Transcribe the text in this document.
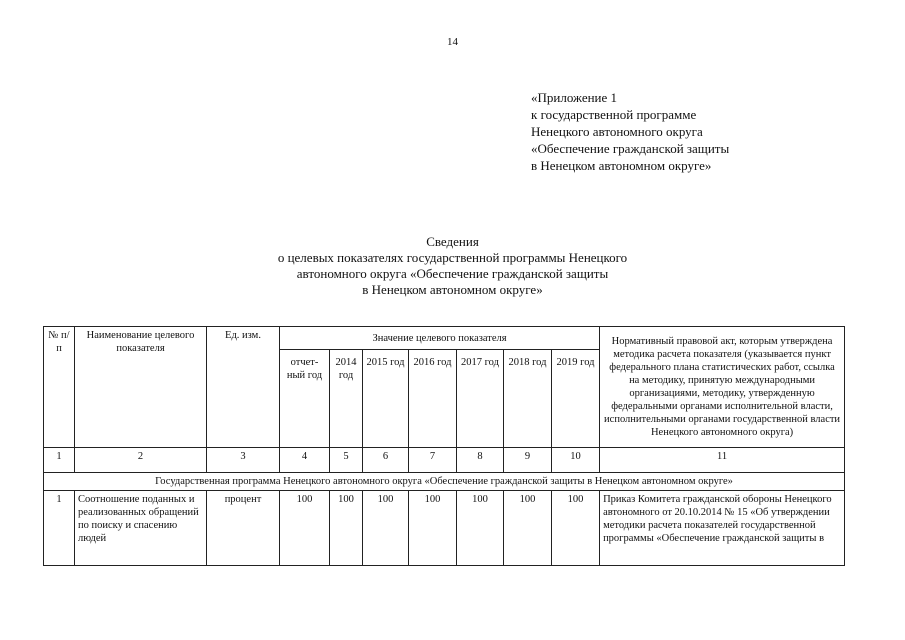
14
«Приложение 1
к государственной программе
Ненецкого автономного округа
«Обеспечение гражданской защиты
в Ненецком автономном округе»
Сведения
о целевых показателях государственной программы Ненецкого
автономного округа «Обеспечение гражданской защиты
в Ненецком автономном округе»
№ п/п	Наименование целевого показателя	Ед. изм.	Значение целевого показателя							Нормативный правовой акт, которым утверждена методика расчета показателя (указывается пункт федерального плана статистических работ, ссылка на методику, принятую международными организациями, методику, утвержденную федеральными органами исполнительной власти, исполнительными органами государственной власти Ненецкого автономного округа)
			отчет-ный год	2014 год	2015 год	2016 год	2017 год	2018 год	2019 год	
1	2	3	4	5	6	7	8	9	10	11
Государственная программа Ненецкого автономного округа «Обеспечение гражданской защиты в Ненецком автономном округе»										
1	Соотношение поданных и реализованных обращений по поиску и спасению людей	процент	100	100	100	100	100	100	100	Приказ Комитета гражданской обороны Ненецкого автономного от 20.10.2014 № 15 «Об утверждении методики расчета показателей государственной программы «Обеспечение гражданской защиты в
